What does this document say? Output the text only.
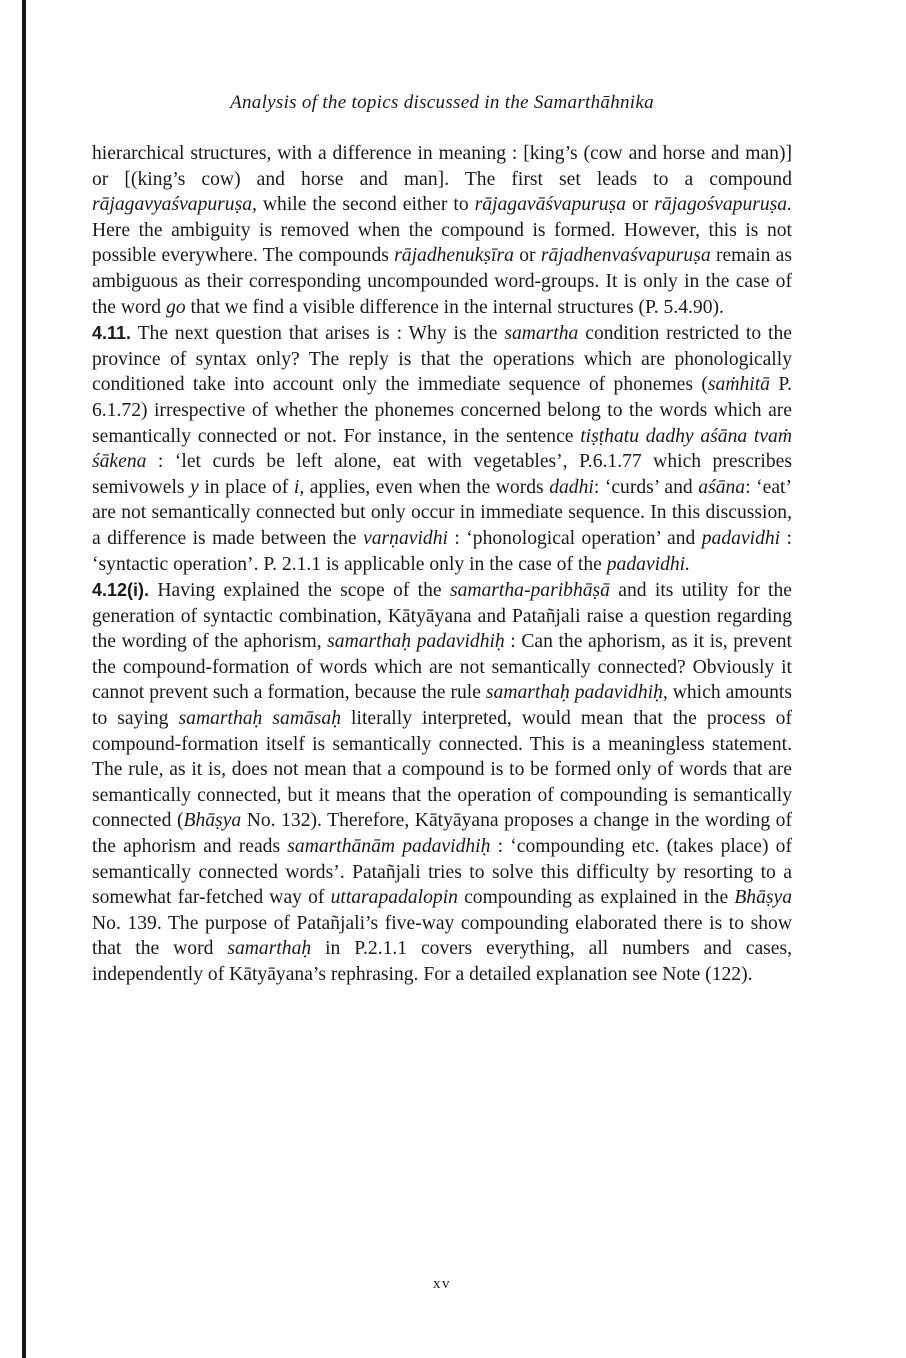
Analysis of the topics discussed in the Samarthāhnika

hierarchical structures, with a difference in meaning : [king’s (cow and horse and man)] or [(king’s cow) and horse and man]. The first set leads to a compound rājagavyaśvapuruṣa, while the second either to rājagavāśvapuruṣa or rājagośvapuruṣa. Here the ambiguity is removed when the compound is formed. However, this is not possible everywhere. The compounds rājadhenukṣīra or rājadhenvaśvapuruṣa remain as ambiguous as their corresponding uncompounded word-groups. It is only in the case of the word go that we find a visible difference in the internal structures (P. 5.4.90).

4.11. The next question that arises is : Why is the samartha condition restricted to the province of syntax only? The reply is that the operations which are phonologically conditioned take into account only the immediate sequence of phonemes (saṁhitā P. 6.1.72) irrespective of whether the phonemes concerned belong to the words which are semantically connected or not. For instance, in the sentence tiṣṭhatu dadhy aśāna tvaṁ śākena : ‘let curds be left alone, eat with vegetables’, P.6.1.77 which prescribes semivowels y in place of i, applies, even when the words dadhi: ‘curds’ and aśāna: ‘eat’ are not semantically connected but only occur in immediate sequence. In this discussion, a difference is made between the varṇavidhi : ‘phonological operation’ and padavidhi : ‘syntactic operation’. P. 2.1.1 is applicable only in the case of the padavidhi.

4.12(i). Having explained the scope of the samartha-paribhāṣā and its utility for the generation of syntactic combination, Kātyāyana and Patañjali raise a question regarding the wording of the aphorism, samarthaḥ padavidhiḥ : Can the aphorism, as it is, prevent the compound-formation of words which are not semantically connected? Obviously it cannot prevent such a formation, because the rule samarthaḥ padavidhiḥ, which amounts to saying samarthaḥ samāsaḥ literally interpreted, would mean that the process of compound-formation itself is semantically connected. This is a meaningless statement. The rule, as it is, does not mean that a compound is to be formed only of words that are semantically connected, but it means that the operation of compounding is semantically connected (Bhāṣya No. 132). Therefore, Kātyāyana proposes a change in the wording of the aphorism and reads samarthānām padavidhiḥ : ‘compounding etc. (takes place) of semantically connected words’. Patañjali tries to solve this difficulty by resorting to a somewhat far-fetched way of uttarapadalopin compounding as explained in the Bhāṣya No. 139. The purpose of Patañjali’s five-way compounding elaborated there is to show that the word samarthaḥ in P.2.1.1 covers everything, all numbers and cases, independently of Kātyāyana’s rephrasing. For a detailed explanation see Note (122).

xv
